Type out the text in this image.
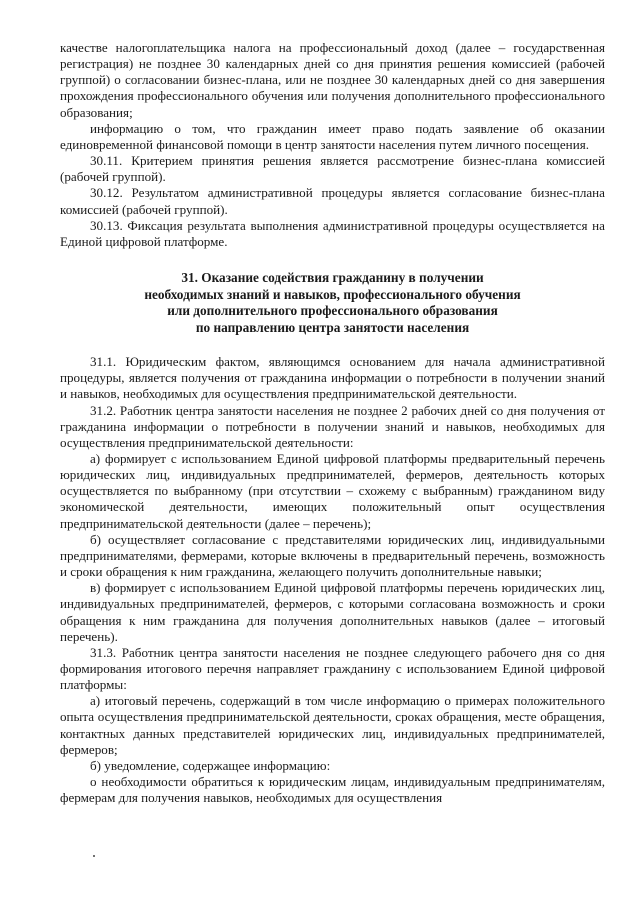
качестве налогоплательщика налога на профессиональный доход (далее – государственная регистрация) не позднее 30 календарных дней со дня принятия решения комиссией (рабочей группой) о согласовании бизнес-плана, или не позднее 30 календарных дней со дня завершения прохождения профессионального обучения или получения дополнительного профессионального образования;

информацию о том, что гражданин имеет право подать заявление об оказании единовременной финансовой помощи в центр занятости населения путем личного посещения.

30.11. Критерием принятия решения является рассмотрение бизнес-плана комиссией (рабочей группой).

30.12. Результатом административной процедуры является согласование бизнес-плана комиссией (рабочей группой).

30.13. Фиксация результата выполнения административной процедуры осуществляется на Единой цифровой платформе.

31. Оказание содействия гражданину в получении
необходимых знаний и навыков, профессионального обучения
или дополнительного профессионального образования
по направлению центра занятости населения

31.1. Юридическим фактом, являющимся основанием для начала административной процедуры, является получения от гражданина информации о потребности в получении знаний и навыков, необходимых для осуществления предпринимательской деятельности.

31.2. Работник центра занятости населения не позднее 2 рабочих дней со дня получения от гражданина информации о потребности в получении знаний и навыков, необходимых для осуществления предпринимательской деятельности:

а) формирует с использованием Единой цифровой платформы предварительный перечень юридических лиц, индивидуальных предпринимателей, фермеров, деятельность которых осуществляется по выбранному (при отсутствии – схожему с выбранным) гражданином виду экономической деятельности, имеющих положительный опыт осуществления предпринимательской деятельности (далее – перечень);

б) осуществляет согласование с представителями юридических лиц, индивидуальными предпринимателями, фермерами, которые включены в предварительный перечень, возможность и сроки обращения к ним гражданина, желающего получить дополнительные навыки;

в) формирует с использованием Единой цифровой платформы перечень юридических лиц, индивидуальных предпринимателей, фермеров, с которыми согласована возможность и сроки обращения к ним гражданина для получения дополнительных навыков (далее – итоговый перечень).

31.3. Работник центра занятости населения не позднее следующего рабочего дня со дня формирования итогового перечня направляет гражданину с использованием Единой цифровой платформы:

а) итоговый перечень, содержащий в том числе информацию о примерах положительного опыта осуществления предпринимательской деятельности, сроках обращения, месте обращения, контактных данных представителей юридических лиц, индивидуальных предпринимателей, фермеров;

б) уведомление, содержащее информацию:

о необходимости обратиться к юридическим лицам, индивидуальным предпринимателям, фермерам для получения навыков, необходимых для осуществления
